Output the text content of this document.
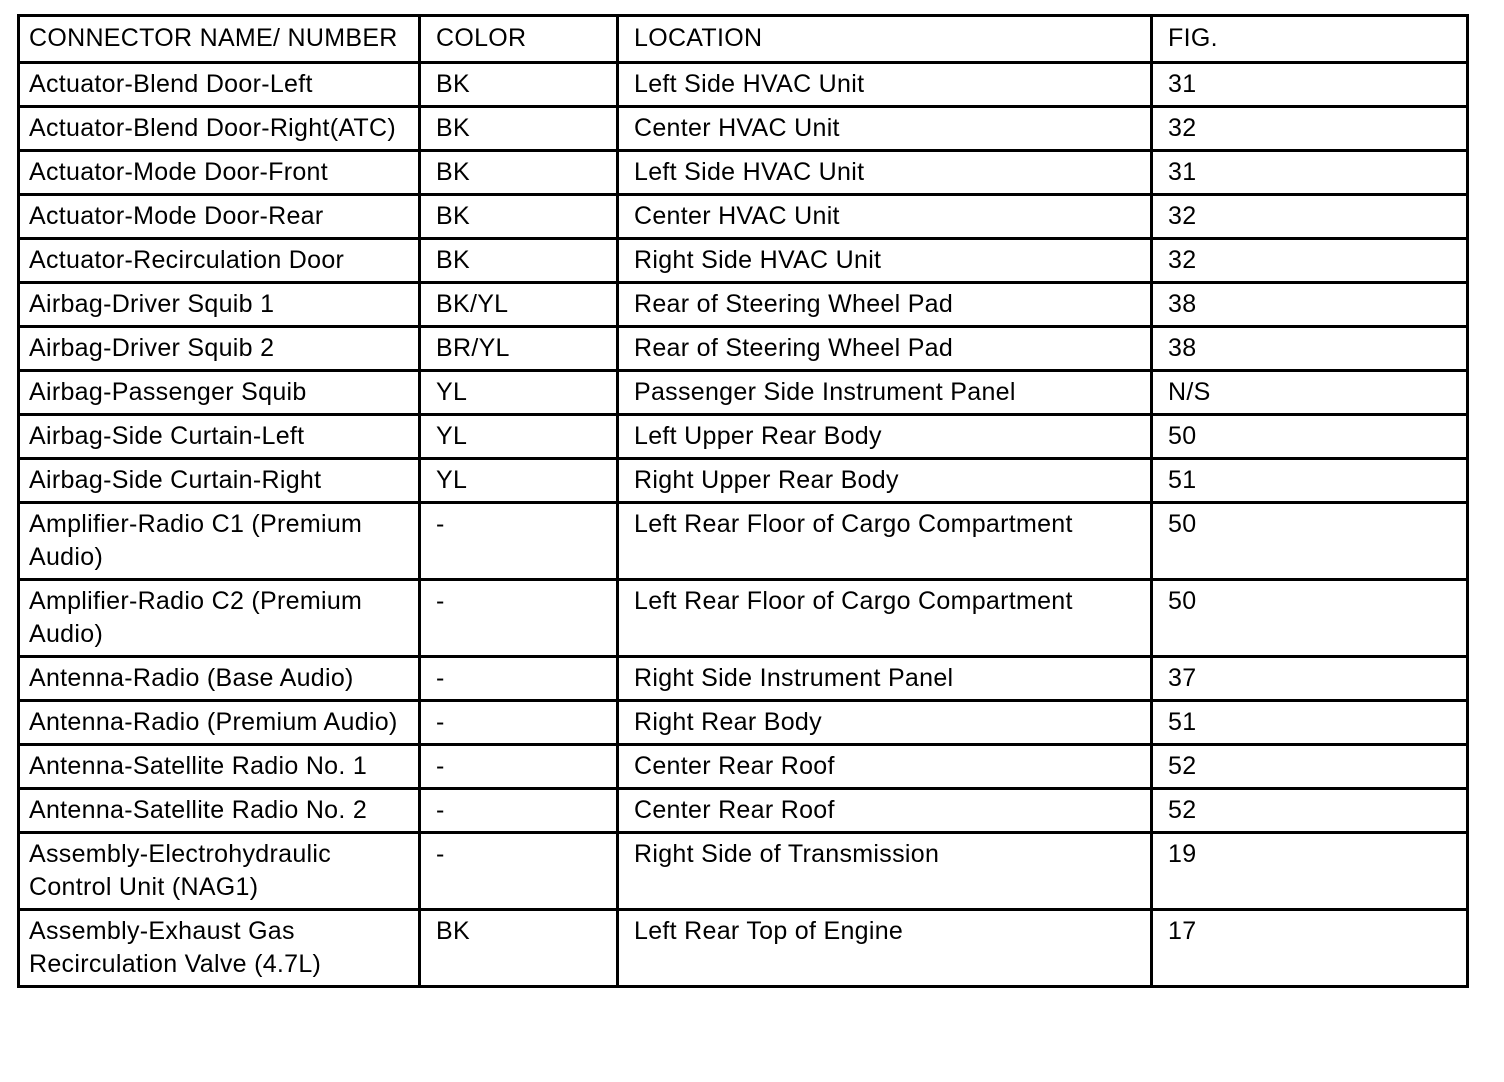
CONNECTOR NAME/ NUMBER	COLOR	LOCATION	FIG.
Actuator-Blend Door-Left	BK	Left Side HVAC Unit	31
Actuator-Blend Door-Right(ATC)	BK	Center HVAC Unit	32
Actuator-Mode Door-Front	BK	Left Side HVAC Unit	31
Actuator-Mode Door-Rear	BK	Center HVAC Unit	32
Actuator-Recirculation Door	BK	Right Side HVAC Unit	32
Airbag-Driver Squib 1	BK/YL	Rear of Steering Wheel Pad	38
Airbag-Driver Squib 2	BR/YL	Rear of Steering Wheel Pad	38
Airbag-Passenger Squib	YL	Passenger Side Instrument Panel	N/S
Airbag-Side Curtain-Left	YL	Left Upper Rear Body	50
Airbag-Side Curtain-Right	YL	Right Upper Rear Body	51
Amplifier-Radio C1 (Premium Audio)	-	Left Rear Floor of Cargo Compartment	50
Amplifier-Radio C2 (Premium Audio)	-	Left Rear Floor of Cargo Compartment	50
Antenna-Radio (Base Audio)	-	Right Side Instrument Panel	37
Antenna-Radio (Premium Audio)	-	Right Rear Body	51
Antenna-Satellite Radio No. 1	-	Center Rear Roof	52
Antenna-Satellite Radio No. 2	-	Center Rear Roof	52
Assembly-Electrohydraulic Control Unit (NAG1)	-	Right Side of Transmission	19
Assembly-Exhaust Gas Recirculation Valve (4.7L)	BK	Left Rear Top of Engine	17
